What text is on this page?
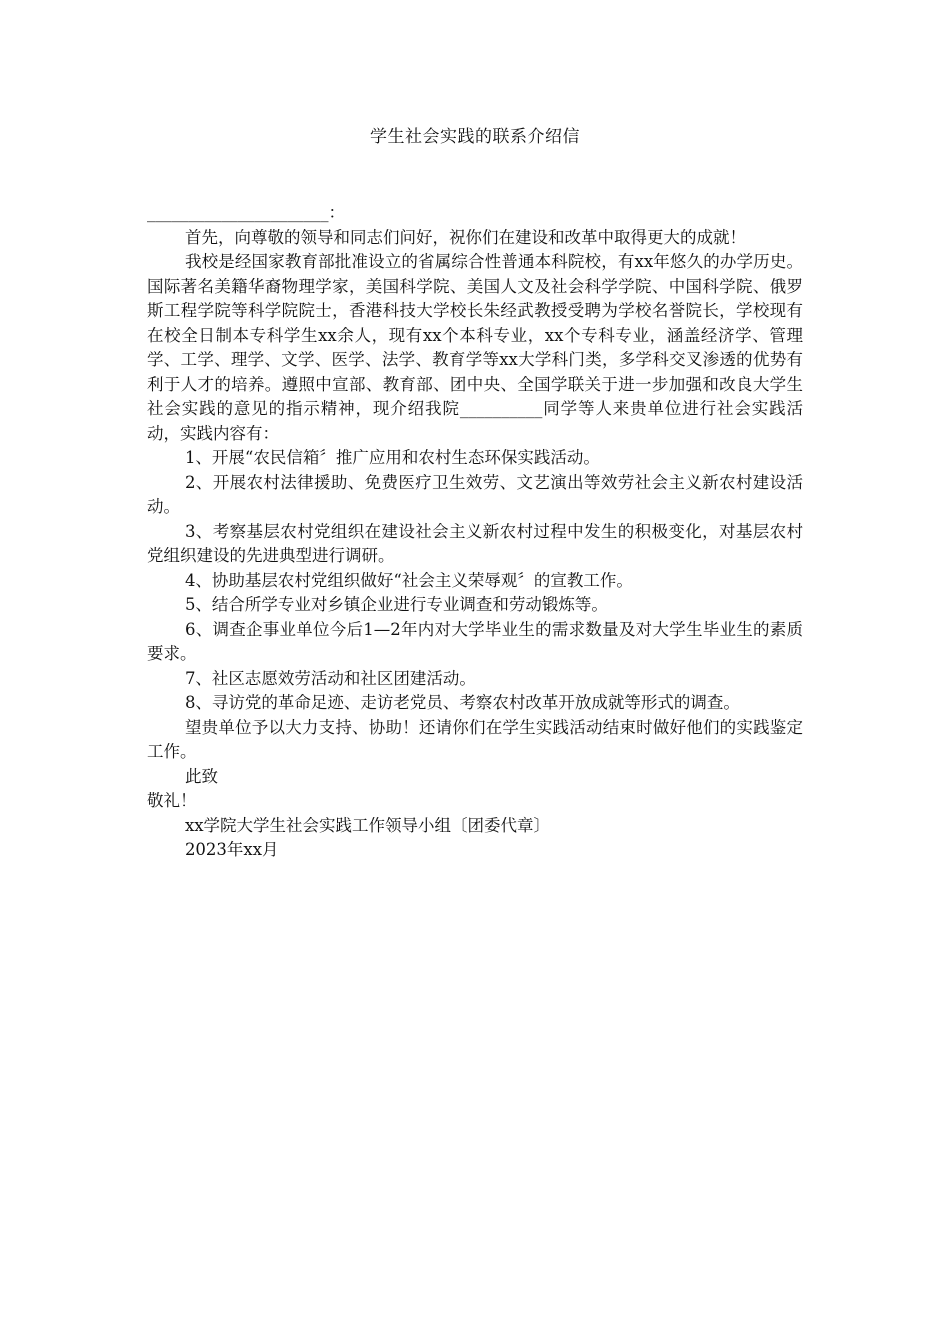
学生社会实践的联系介绍信

______________________：

首先，向尊敬的领导和同志们问好，祝你们在建设和改革中取得更大的成就！

我校是经国家教育部批准设立的省属综合性普通本科院校，有xx年悠久的办学历史。国际著名美籍华裔物理学家，美国科学院、美国人文及社会科学学院、中国科学院、俄罗斯工程学院等科学院院士，香港科技大学校长朱经武教授受聘为学校名誉院长，学校现有在校全日制本专科学生xx余人，现有xx个本科专业，xx个专科专业，涵盖经济学、管理学、工学、理学、文学、医学、法学、教育学等xx大学科门类，多学科交叉渗透的优势有利于人才的培养。遵照中宣部、教育部、团中央、全国学联关于进一步加强和改良大学生社会实践的意见的指示精神，现介绍我院__________同学等人来贵单位进行社会实践活动，实践内容有：

1、开展“农民信箱〞推广应用和农村生态环保实践活动。

2、开展农村法律援助、免费医疗卫生效劳、文艺演出等效劳社会主义新农村建设活动。

3、考察基层农村党组织在建设社会主义新农村过程中发生的积极变化，对基层农村党组织建设的先进典型进行调研。

4、协助基层农村党组织做好“社会主义荣辱观〞的宣教工作。

5、结合所学专业对乡镇企业进行专业调查和劳动锻炼等。

6、调查企事业单位今后1—2年内对大学毕业生的需求数量及对大学生毕业生的素质要求。

7、社区志愿效劳活动和社区团建活动。

8、寻访党的革命足迹、走访老党员、考察农村改革开放成就等形式的调查。

望贵单位予以大力支持、协助！还请你们在学生实践活动结束时做好他们的实践鉴定工作。

此致

敬礼！

xx学院大学生社会实践工作领导小组〔团委代章〕

2023年xx月
